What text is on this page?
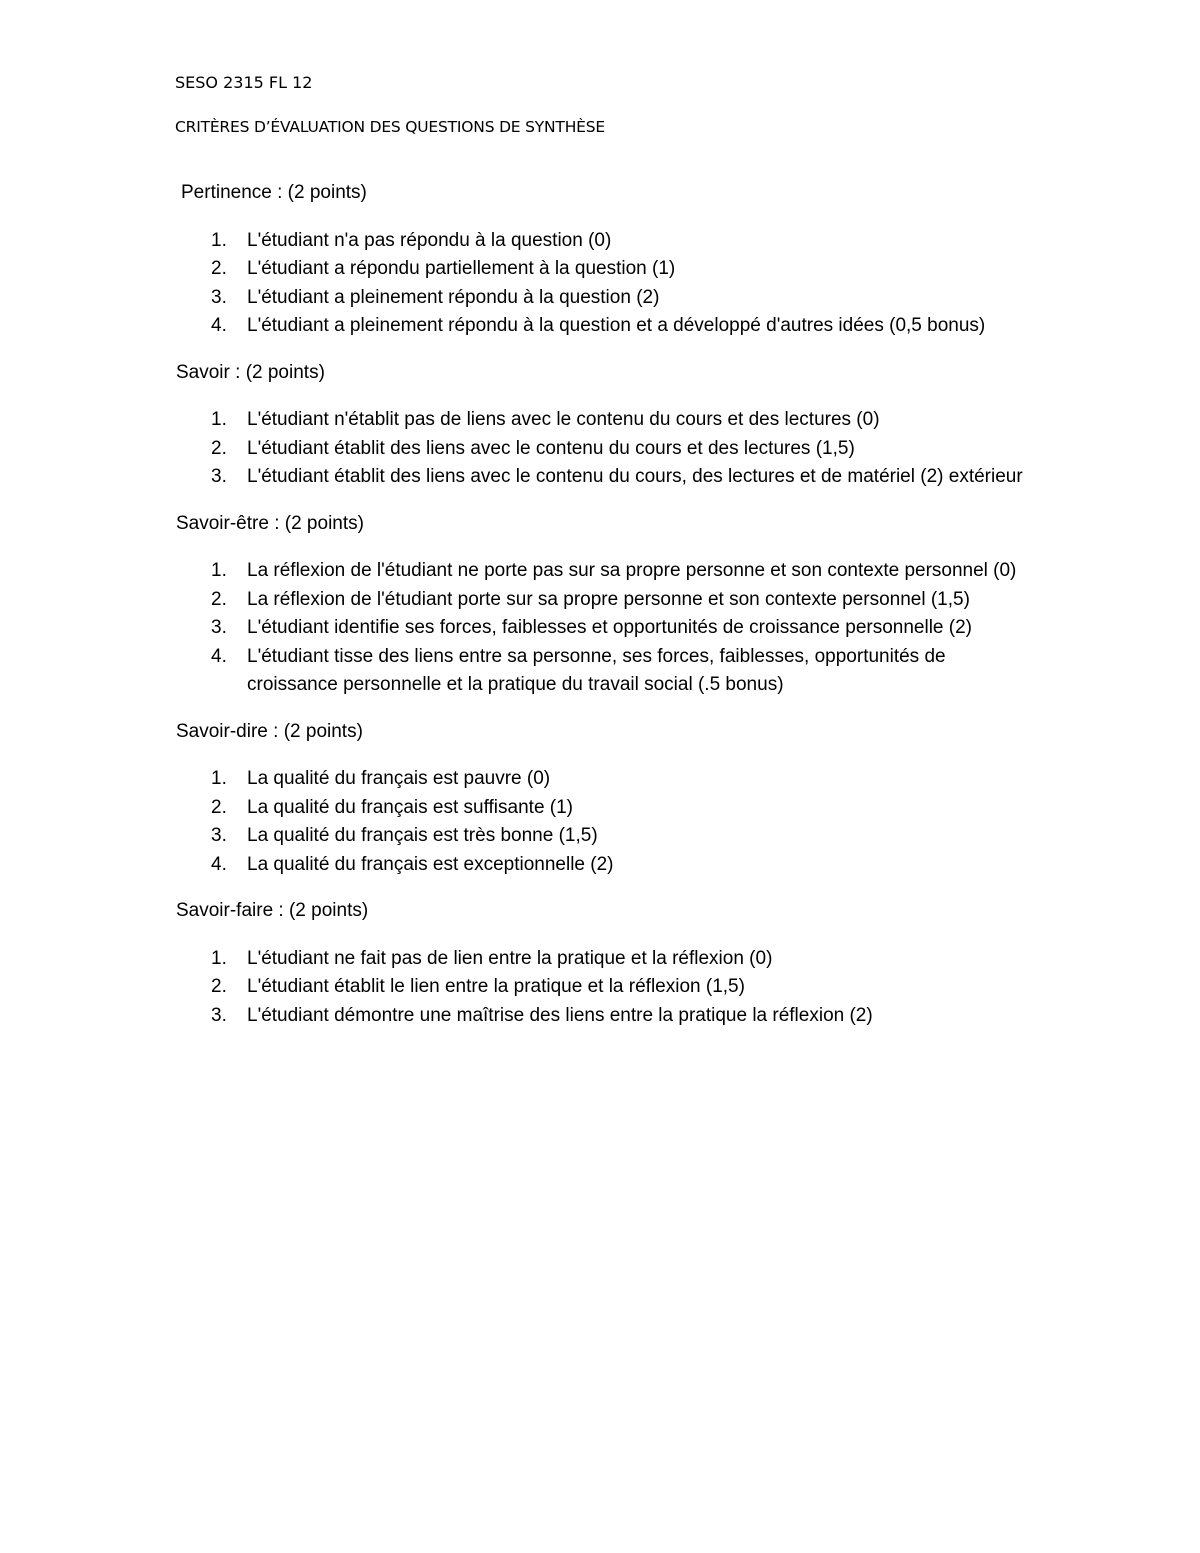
SESO 2315 FL 12
CRITÈRES D’ÉVALUATION DES QUESTIONS DE SYNTHÈSE
Pertinence : (2 points)
1. L'étudiant n'a pas répondu à la question (0)
2. L'étudiant a répondu partiellement à la question (1)
3. L'étudiant a pleinement répondu à la question (2)
4. L'étudiant a pleinement répondu à la question et a développé d'autres idées (0,5 bonus)
Savoir : (2 points)
1. L'étudiant n'établit pas de liens avec le contenu du cours et des lectures (0)
2. L'étudiant établit des liens avec le contenu du cours et des lectures (1,5)
3. L'étudiant établit des liens avec le contenu du cours, des lectures et de matériel (2) extérieur
Savoir-être : (2 points)
1. La réflexion de l'étudiant ne porte pas sur sa propre personne et son contexte personnel (0)
2. La réflexion de l'étudiant porte sur sa propre personne et son contexte personnel (1,5)
3. L'étudiant identifie ses forces, faiblesses et opportunités de croissance personnelle (2)
4. L'étudiant tisse des liens entre sa personne, ses forces, faiblesses, opportunités de croissance personnelle et la pratique du travail social (.5 bonus)
Savoir-dire : (2 points)
1. La qualité du français est pauvre (0)
2. La qualité du français est suffisante (1)
3. La qualité du français est très bonne (1,5)
4. La qualité du français est exceptionnelle (2)
Savoir-faire : (2 points)
1. L'étudiant ne fait pas de lien entre la pratique et la réflexion (0)
2. L'étudiant établit le lien entre la pratique et la réflexion (1,5)
3. L'étudiant démontre une maîtrise des liens entre la pratique la réflexion (2)
